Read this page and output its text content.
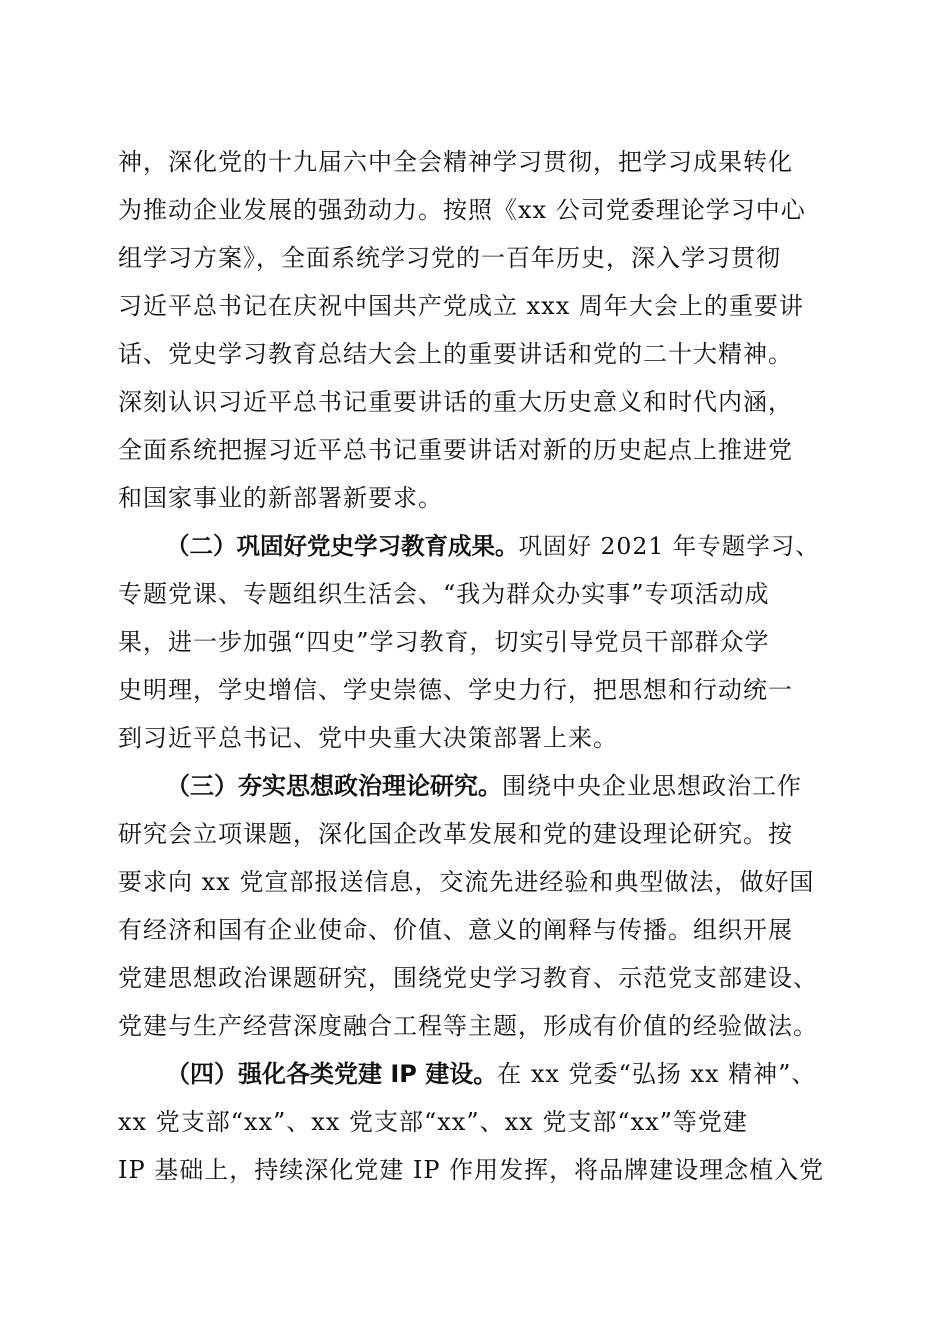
神，深化党的十九届六中全会精神学习贯彻，把学习成果转化
为推动企业发展的强劲动力。按照《xx 公司党委理论学习中心
组学习方案》，全面系统学习党的一百年历史，深入学习贯彻
习近平总书记在庆祝中国共产党成立 xxx 周年大会上的重要讲
话、党史学习教育总结大会上的重要讲话和党的二十大精神。
深刻认识习近平总书记重要讲话的重大历史意义和时代内涵，
全面系统把握习近平总书记重要讲话对新的历史起点上推进党
和国家事业的新部署新要求。
（二）巩固好党史学习教育成果。巩固好 2021 年专题学习、
专题党课、专题组织生活会、“我为群众办实事”专项活动成
果，进一步加强“四史”学习教育，切实引导党员干部群众学
史明理，学史增信、学史崇德、学史力行，把思想和行动统一
到习近平总书记、党中央重大决策部署上来。
（三）夯实思想政治理论研究。围绕中央企业思想政治工作
研究会立项课题，深化国企改革发展和党的建设理论研究。按
要求向 xx 党宣部报送信息，交流先进经验和典型做法，做好国
有经济和国有企业使命、价值、意义的阐释与传播。组织开展
党建思想政治课题研究，围绕党史学习教育、示范党支部建设、
党建与生产经营深度融合工程等主题，形成有价值的经验做法。
（四）强化各类党建 IP 建设。在 xx 党委“弘扬 xx 精神”、
xx 党支部“xx”、xx 党支部“xx”、xx 党支部“xx”等党建
IP 基础上，持续深化党建 IP 作用发挥，将品牌建设理念植入党
